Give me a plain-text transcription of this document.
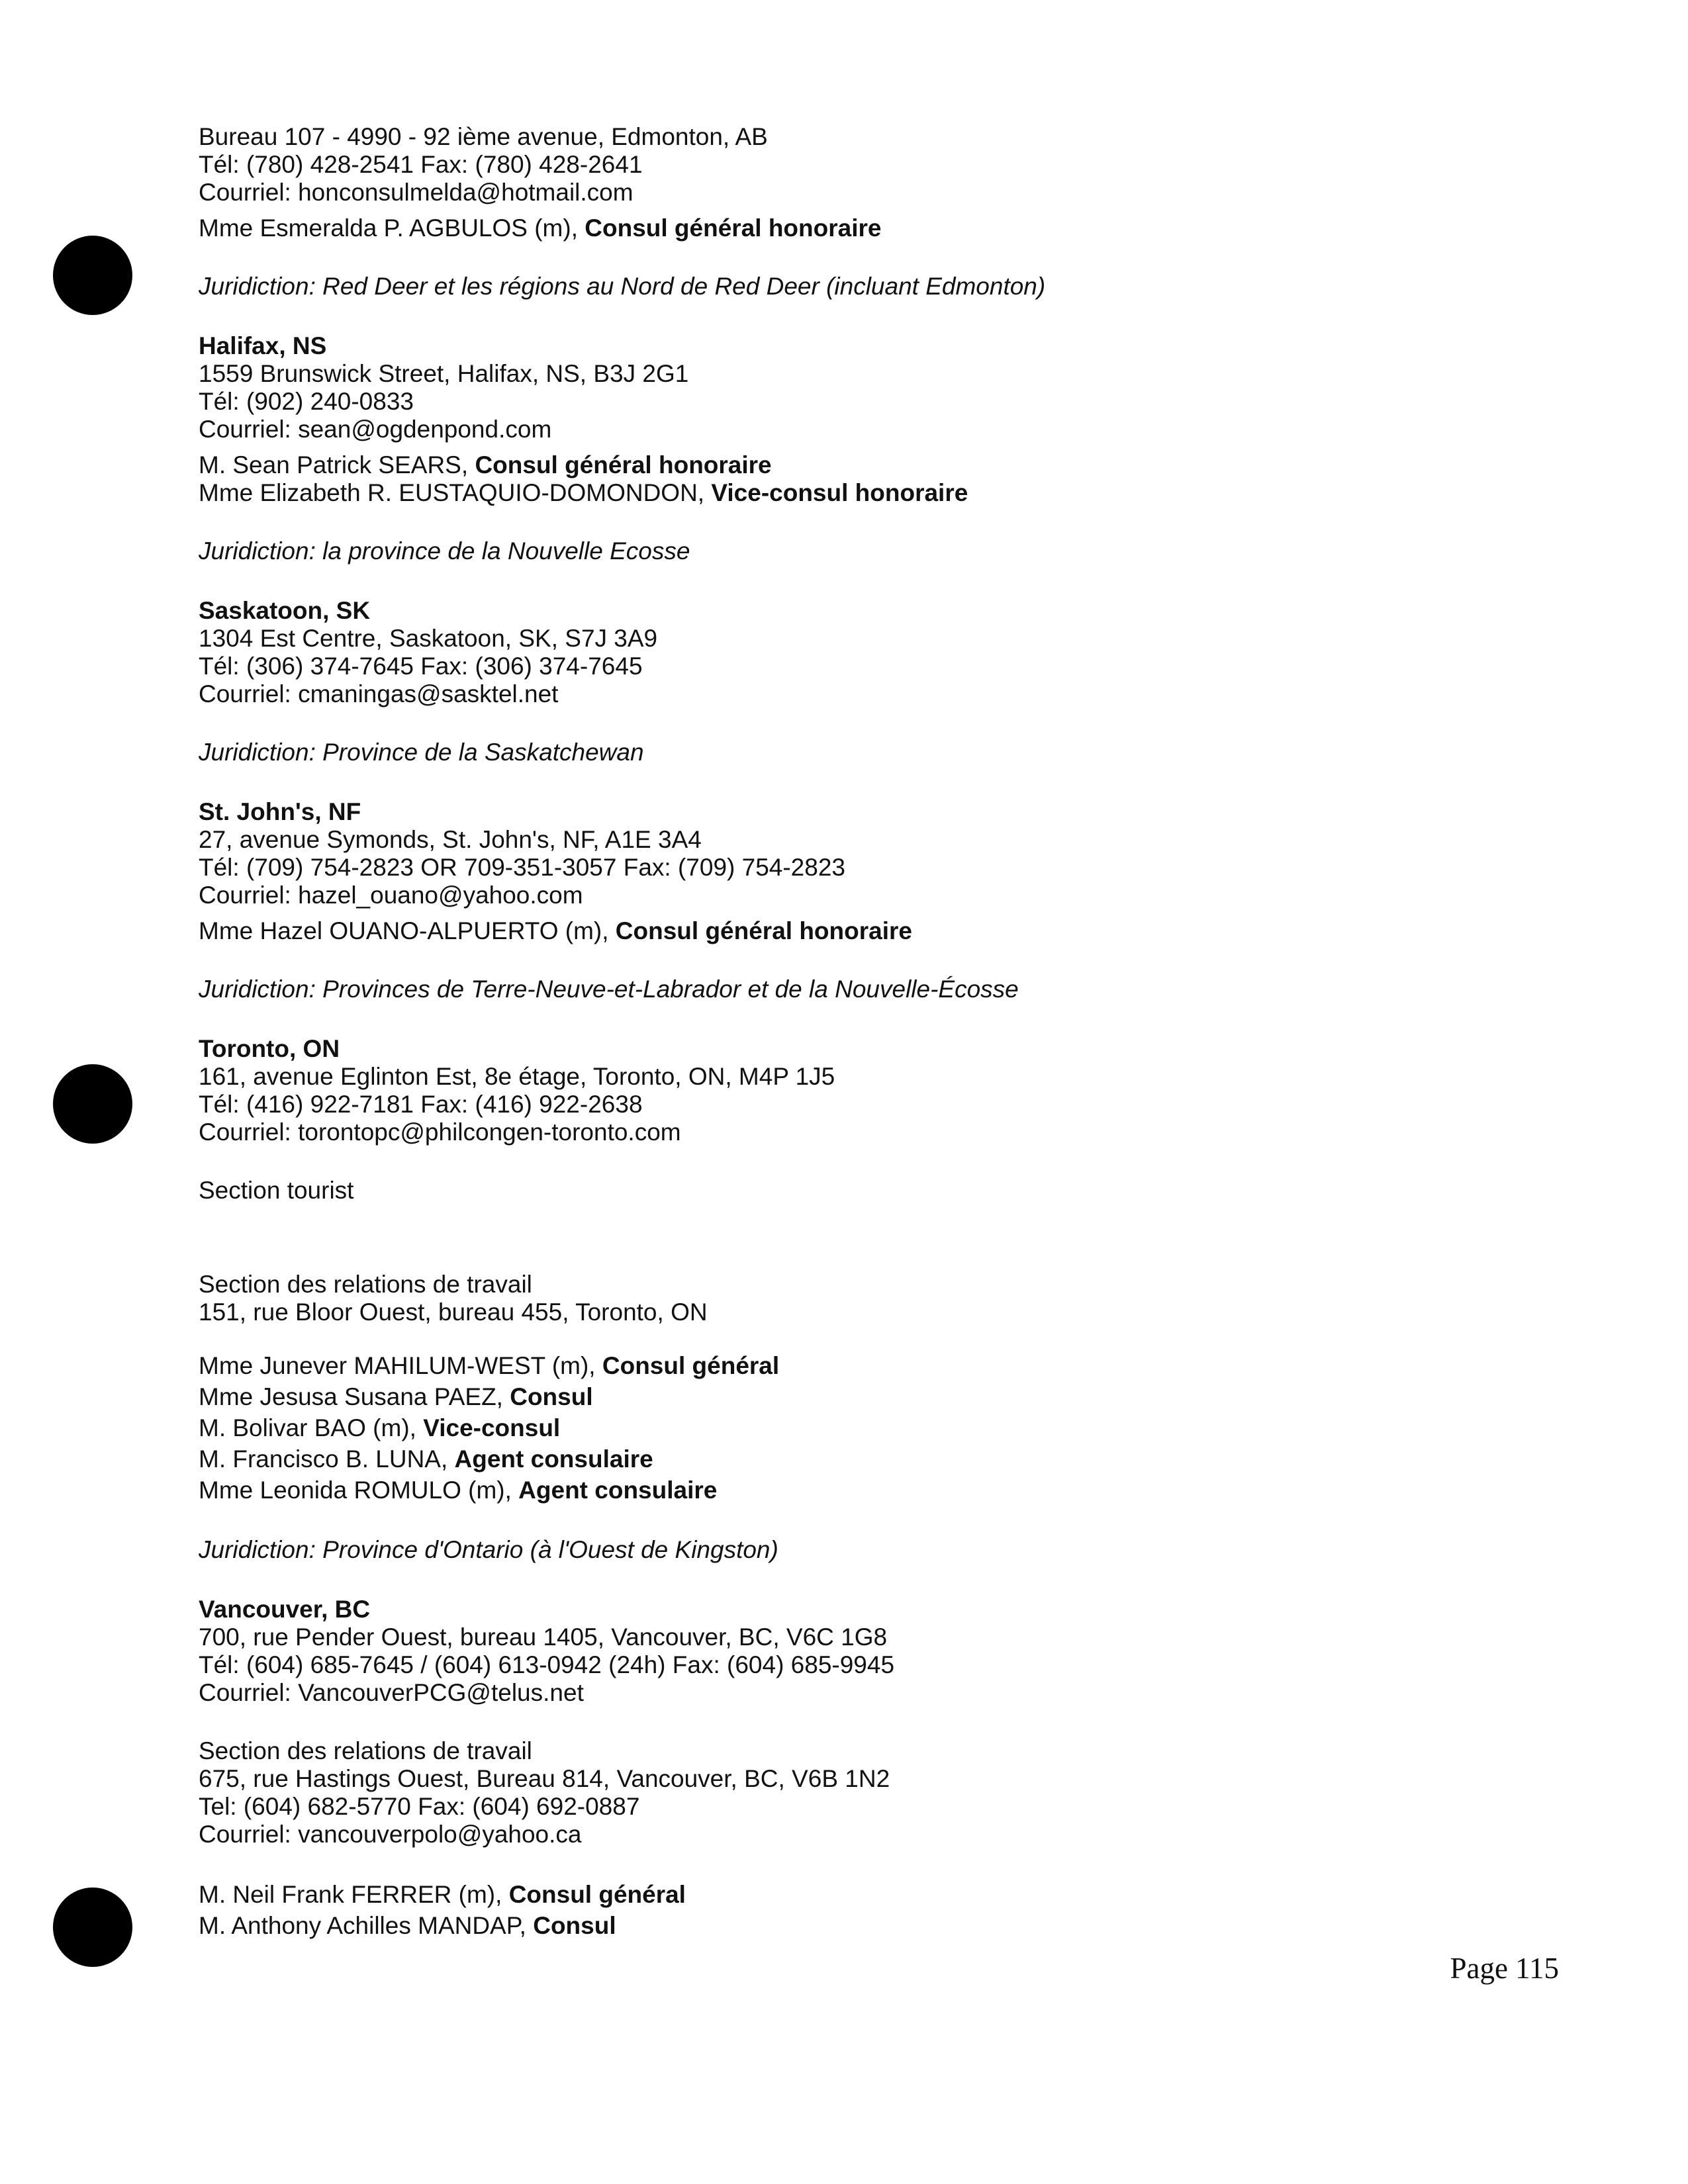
Bureau 107 - 4990 - 92 ième avenue, Edmonton, AB
Tél: (780) 428-2541 Fax: (780) 428-2641
Courriel: honconsulmelda@hotmail.com
Mme Esmeralda P. AGBULOS (m), Consul général honoraire
Juridiction: Red Deer et les régions au Nord de Red Deer (incluant Edmonton)
Halifax, NS
1559 Brunswick Street, Halifax, NS, B3J 2G1
Tél: (902) 240-0833
Courriel: sean@ogdenpond.com
M. Sean Patrick SEARS, Consul général honoraire
Mme Elizabeth R. EUSTAQUIO-DOMONDON, Vice-consul honoraire
Juridiction: la province de la Nouvelle Ecosse
Saskatoon, SK
1304 Est Centre, Saskatoon, SK, S7J 3A9
Tél: (306) 374-7645 Fax: (306) 374-7645
Courriel: cmaningas@sasktel.net
Juridiction: Province de la Saskatchewan
St. John's, NF
27, avenue Symonds, St. John's, NF, A1E 3A4
Tél: (709) 754-2823 OR 709-351-3057 Fax: (709) 754-2823
Courriel: hazel_ouano@yahoo.com
Mme Hazel OUANO-ALPUERTO (m), Consul général honoraire
Juridiction: Provinces de Terre-Neuve-et-Labrador et de la Nouvelle-Écosse
Toronto, ON
161, avenue Eglinton Est, 8e étage, Toronto, ON, M4P 1J5
Tél: (416) 922-7181 Fax: (416) 922-2638
Courriel: torontopc@philcongen-toronto.com
Section tourist
Section des relations de travail
151, rue Bloor Ouest, bureau 455, Toronto, ON
Mme Junever MAHILUM-WEST (m), Consul général
Mme Jesusa Susana PAEZ, Consul
M. Bolivar BAO (m), Vice-consul
M. Francisco B. LUNA, Agent consulaire
Mme Leonida ROMULO (m), Agent consulaire
Juridiction: Province d'Ontario (à l'Ouest de Kingston)
Vancouver, BC
700, rue Pender Ouest, bureau 1405, Vancouver, BC, V6C 1G8
Tél: (604) 685-7645 / (604) 613-0942 (24h) Fax: (604) 685-9945
Courriel: VancouverPCG@telus.net
Section des relations de travail
675, rue Hastings Ouest, Bureau 814, Vancouver, BC, V6B 1N2
Tel: (604) 682-5770 Fax: (604) 692-0887
Courriel: vancouverpolo@yahoo.ca
M. Neil Frank FERRER (m), Consul général
M. Anthony Achilles MANDAP, Consul
Page 115
